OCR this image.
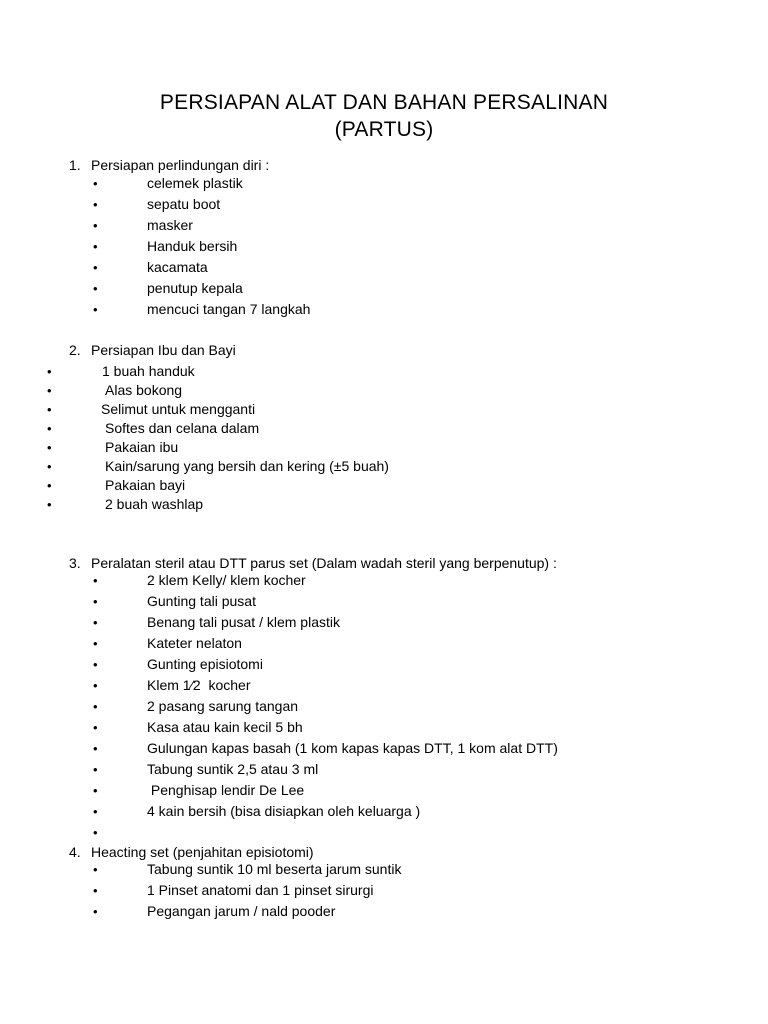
PERSIAPAN ALAT DAN BAHAN PERSALINAN
(PARTUS)
1. Persiapan perlindungan diri :
•	celemek plastik
•	sepatu boot
•	masker
•	Handuk bersih
•	kacamata
•	penutup kepala
•	mencuci tangan 7 langkah
2. Persiapan Ibu dan Bayi
•	1 buah handuk
•	Alas bokong
•	Selimut untuk mengganti
•	Softes dan celana dalam
•	Pakaian ibu
•	Kain/sarung yang bersih dan kering (±5 buah)
•	Pakaian bayi
•	2 buah washlap
3. Peralatan steril atau DTT parus set (Dalam wadah steril yang berpenutup) :
•	2 klem Kelly/ klem kocher
•	Gunting tali pusat
•	Benang tali pusat / klem plastik
•	Kateter nelaton
•	Gunting episiotomi
•	Klem 1⁄2  kocher
•	2 pasang sarung tangan
•	Kasa atau kain kecil 5 bh
•	Gulungan kapas basah (1 kom kapas kapas DTT, 1 kom alat DTT)
•	Tabung suntik 2,5 atau 3 ml
•	Penghisap lendir De Lee
•	4 kain bersih (bisa disiapkan oleh keluarga )
•
4. Heacting set (penjahitan episiotomi)
•	Tabung suntik 10 ml beserta jarum suntik
•	1 Pinset anatomi dan 1 pinset sirurgi
•	Pegangan jarum / nald pooder
